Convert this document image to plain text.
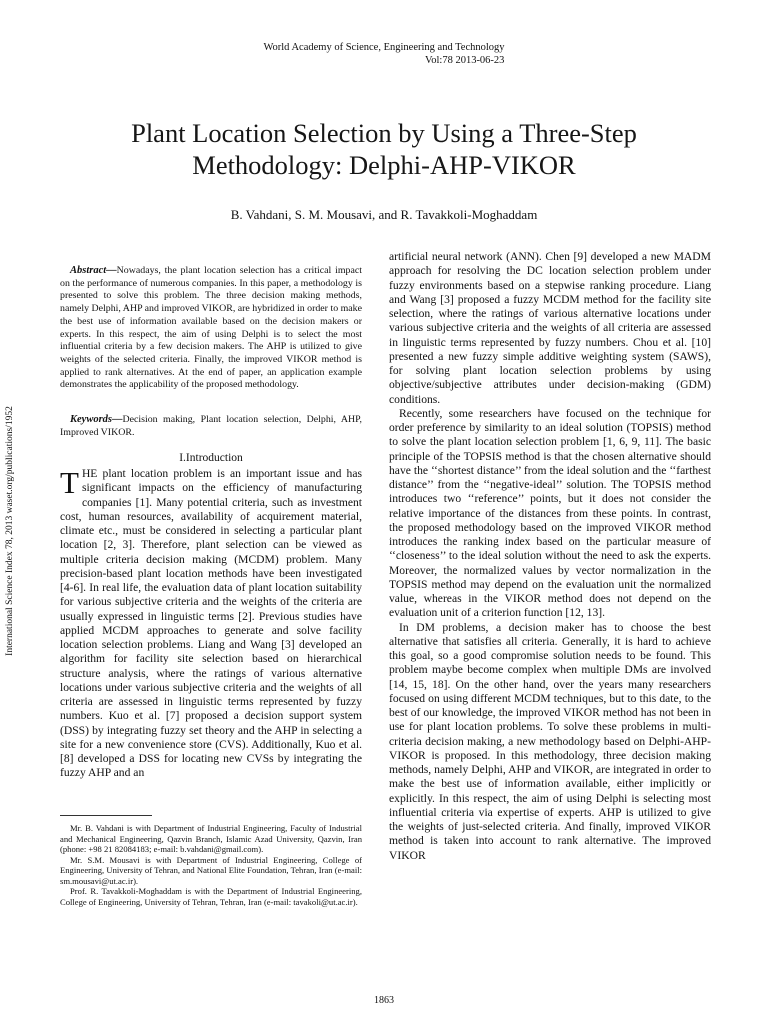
World Academy of Science, Engineering and Technology
Vol:78 2013-06-23
Plant Location Selection by Using a Three-Step
Methodology: Delphi-AHP-VIKOR
B. Vahdani, S. M. Mousavi, and R. Tavakkoli-Moghaddam
International Science Index 78, 2013 waset.org/publications/1952

Abstract—Nowadays, the plant location selection has a critical impact on the performance of numerous companies. In this paper, a methodology is presented to solve this problem. The three decision making methods, namely Delphi, AHP and improved VIKOR, are hybridized in order to make the best use of information available based on the decision makers or experts. In this respect, the aim of using Delphi is to select the most influential criteria by a few decision makers. The AHP is utilized to give weights of the selected criteria. Finally, the improved VIKOR method is applied to rank alternatives. At the end of paper, an application example demonstrates the applicability of the proposed methodology.

Keywords—Decision making, Plant location selection, Delphi, AHP, Improved VIKOR.

I.Introduction

THE plant location problem is an important issue and has significant impacts on the efficiency of manufacturing companies [1]. Many potential criteria, such as investment cost, human resources, availability of acquirement material, climate etc., must be considered in selecting a particular plant location [2, 3]. Therefore, plant selection can be viewed as multiple criteria decision making (MCDM) problem. Many precision-based plant location methods have been investigated [4-6]. In real life, the evaluation data of plant location suitability for various subjective criteria and the weights of the criteria are usually expressed in linguistic terms [2]. Previous studies have applied MCDM approaches to generate and solve facility location selection problems. Liang and Wang [3] developed an algorithm for facility site selection based on hierarchical structure analysis, where the ratings of various alternative locations under various subjective criteria and the weights of all criteria are assessed in linguistic terms represented by fuzzy numbers. Kuo et al. [7] proposed a decision support system (DSS) by integrating fuzzy set theory and the AHP in selecting a site for a new convenience store (CVS). Additionally, Kuo et al. [8] developed a DSS for locating new CVSs by integrating the fuzzy AHP and an

Mr. B. Vahdani is with Department of Industrial Engineering, Faculty of Industrial and Mechanical Engineering, Qazvin Branch, Islamic Azad University, Qazvin, Iran (phone: +98 21 82084183; e-mail: b.vahdani@gmail.com).

Mr. S.M. Mousavi is with Department of Industrial Engineering, College of Engineering, University of Tehran, and National Elite Foundation, Tehran, Iran (e-mail: sm.mousavi@ut.ac.ir).

Prof. R. Tavakkoli-Moghaddam is with the Department of Industrial Engineering, College of Engineering, University of Tehran, Tehran, Iran (e-mail: tavakoli@ut.ac.ir).

artificial neural network (ANN). Chen [9] developed a new MADM approach for resolving the DC location selection problem under fuzzy environments based on a stepwise ranking procedure. Liang and Wang [3] proposed a fuzzy MCDM method for the facility site selection, where the ratings of various alternative locations under various subjective criteria and the weights of all criteria are assessed in linguistic terms represented by fuzzy numbers. Chou et al. [10] presented a new fuzzy simple additive weighting system (SAWS), for solving plant location selection problems by using objective/subjective attributes under decision-making (GDM) conditions.

Recently, some researchers have focused on the technique for order preference by similarity to an ideal solution (TOPSIS) method to solve the plant location selection problem [1, 6, 9, 11]. The basic principle of the TOPSIS method is that the chosen alternative should have the ‘‘shortest distance’’ from the ideal solution and the ‘‘farthest distance’’ from the ‘‘negative-ideal’’ solution. The TOPSIS method introduces two ‘‘reference’’ points, but it does not consider the relative importance of the distances from these points. In contrast, the proposed methodology based on the improved VIKOR method introduces the ranking index based on the particular measure of ‘‘closeness’’ to the ideal solution without the need to ask the experts. Moreover, the normalized values by vector normalization in the TOPSIS method may depend on the evaluation unit the normalized value, whereas in the VIKOR method does not depend on the evaluation unit of a criterion function [12, 13].

In DM problems, a decision maker has to choose the best alternative that satisfies all criteria. Generally, it is hard to achieve this goal, so a good compromise solution needs to be found. This problem maybe become complex when multiple DMs are involved [14, 15, 18]. On the other hand, over the years many researchers focused on using different MCDM techniques, but to this date, to the best of our knowledge, the improved VIKOR method has not been in use for plant location problems. To solve these problems in multi-criteria decision making, a new methodology based on Delphi-AHP-VIKOR is proposed. In this methodology, three decision making methods, namely Delphi, AHP and VIKOR, are integrated in order to make the best use of information available, either implicitly or explicitly. In this respect, the aim of using Delphi is selecting most influential criteria via expertise of experts. AHP is utilized to give the weights of just-selected criteria. And finally, improved VIKOR method is taken into account to rank alternative. The improved VIKOR

1863
